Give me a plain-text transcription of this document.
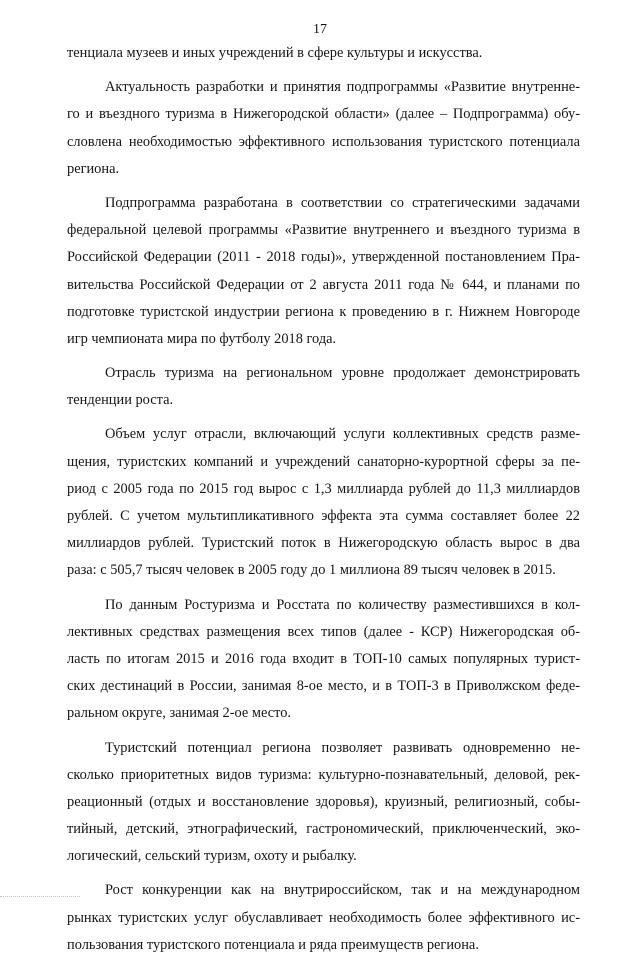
17
тенциала музеев и иных учреждений в сфере культуры и искусства.
Актуальность разработки и принятия подпрограммы «Развитие внутренне-
го и въездного туризма в Нижегородской области» (далее – Подпрограмма) обу-
словлена необходимостью эффективного использования туристского потенциала
региона.
Подпрограмма разработана в соответствии со стратегическими задачами
федеральной целевой программы «Развитие внутреннего и въездного туризма в
Российской Федерации (2011 - 2018 годы)», утвержденной постановлением Пра-
вительства Российской Федерации от 2 августа 2011 года № 644, и планами по
подготовке туристской индустрии региона к проведению в г. Нижнем Новгороде
игр чемпионата мира по футболу 2018 года.
Отрасль туризма на региональном уровне продолжает демонстрировать
тенденции роста.
Объем услуг отрасли, включающий услуги коллективных средств разме-
щения, туристских компаний и учреждений санаторно-курортной сферы за пе-
риод с 2005 года по 2015 год вырос с 1,3 миллиарда рублей до 11,3 миллиардов
рублей. С учетом мультипликативного эффекта эта сумма составляет более 22
миллиардов рублей. Туристский поток в Нижегородскую область вырос в два
раза: с 505,7 тысяч человек в 2005 году до 1 миллиона 89 тысяч человек в 2015.
По данным Ростуризма и Росстата по количеству разместившихся в кол-
лективных средствах размещения всех типов (далее - КСР) Нижегородская об-
ласть по итогам 2015 и 2016 года входит в ТОП-10 самых популярных турист-
ских дестинаций в России, занимая 8-ое место, и в ТОП-3 в Приволжском феде-
ральном округе, занимая 2-ое место.
Туристский потенциал региона позволяет развивать одновременно не-
сколько приоритетных видов туризма: культурно-познавательный, деловой, рек-
реационный (отдых и восстановление здоровья), круизный, религиозный, собы-
тийный, детский, этнографический, гастрономический, приключенческий, эко-
логический, сельский туризм, охоту и рыбалку.
Рост конкуренции как на внутрироссийском, так и на международном
рынках туристских услуг обуславливает необходимость более эффективного ис-
пользования туристского потенциала и ряда преимуществ региона.
